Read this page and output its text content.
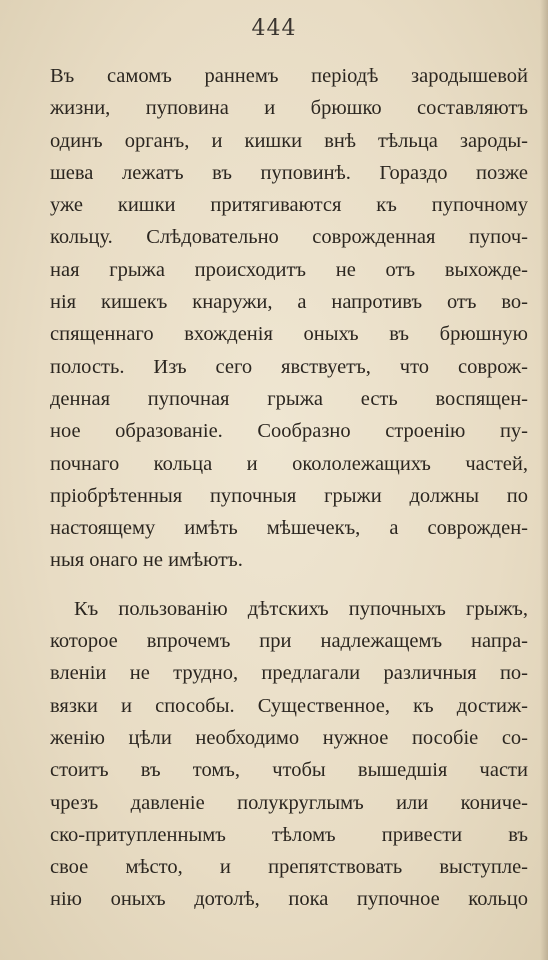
444
Въ самомъ раннемъ періодѣ зародышевой
жизни, пуповина и брюшко составляютъ
одинъ органъ, и кишки внѣ тѣльца зароды-
шева лежатъ въ пуповинѣ. Гораздо позже
уже кишки притягиваются къ пупочному
кольцу. Слѣдовательно соврожденная пупоч-
ная грыжа происходитъ не отъ выхожде-
нія кишекъ кнаружи, а напротивъ отъ во-
спященнаго вхожденія оныхъ въ брюшную
полость. Изъ сего явствуетъ, что соврож-
денная пупочная грыжа есть воспящен-
ное образованіе. Сообразно строенію пу-
почнаго кольца и окололежащихъ частей,
пріобрѣтенныя пупочныя грыжи должны по
настоящему имѣть мѣшечекъ, а соврожден-
ныя онаго не имѣютъ.
Къ пользованію дѣтскихъ пупочныхъ грыжъ,
которое впрочемъ при надлежащемъ напра-
вленіи не трудно, предлагали различныя по-
вязки и способы. Существенное, къ достиж-
женію цѣли необходимо нужное пособіе со-
стоитъ въ томъ, чтобы вышедшія части
чрезъ давленіе полукруглымъ или кониче-
ско-притупленнымъ тѣломъ привести въ
свое мѣсто, и препятствовать выступле-
нію оныхъ дотолѣ, пока пупочное кольцо
